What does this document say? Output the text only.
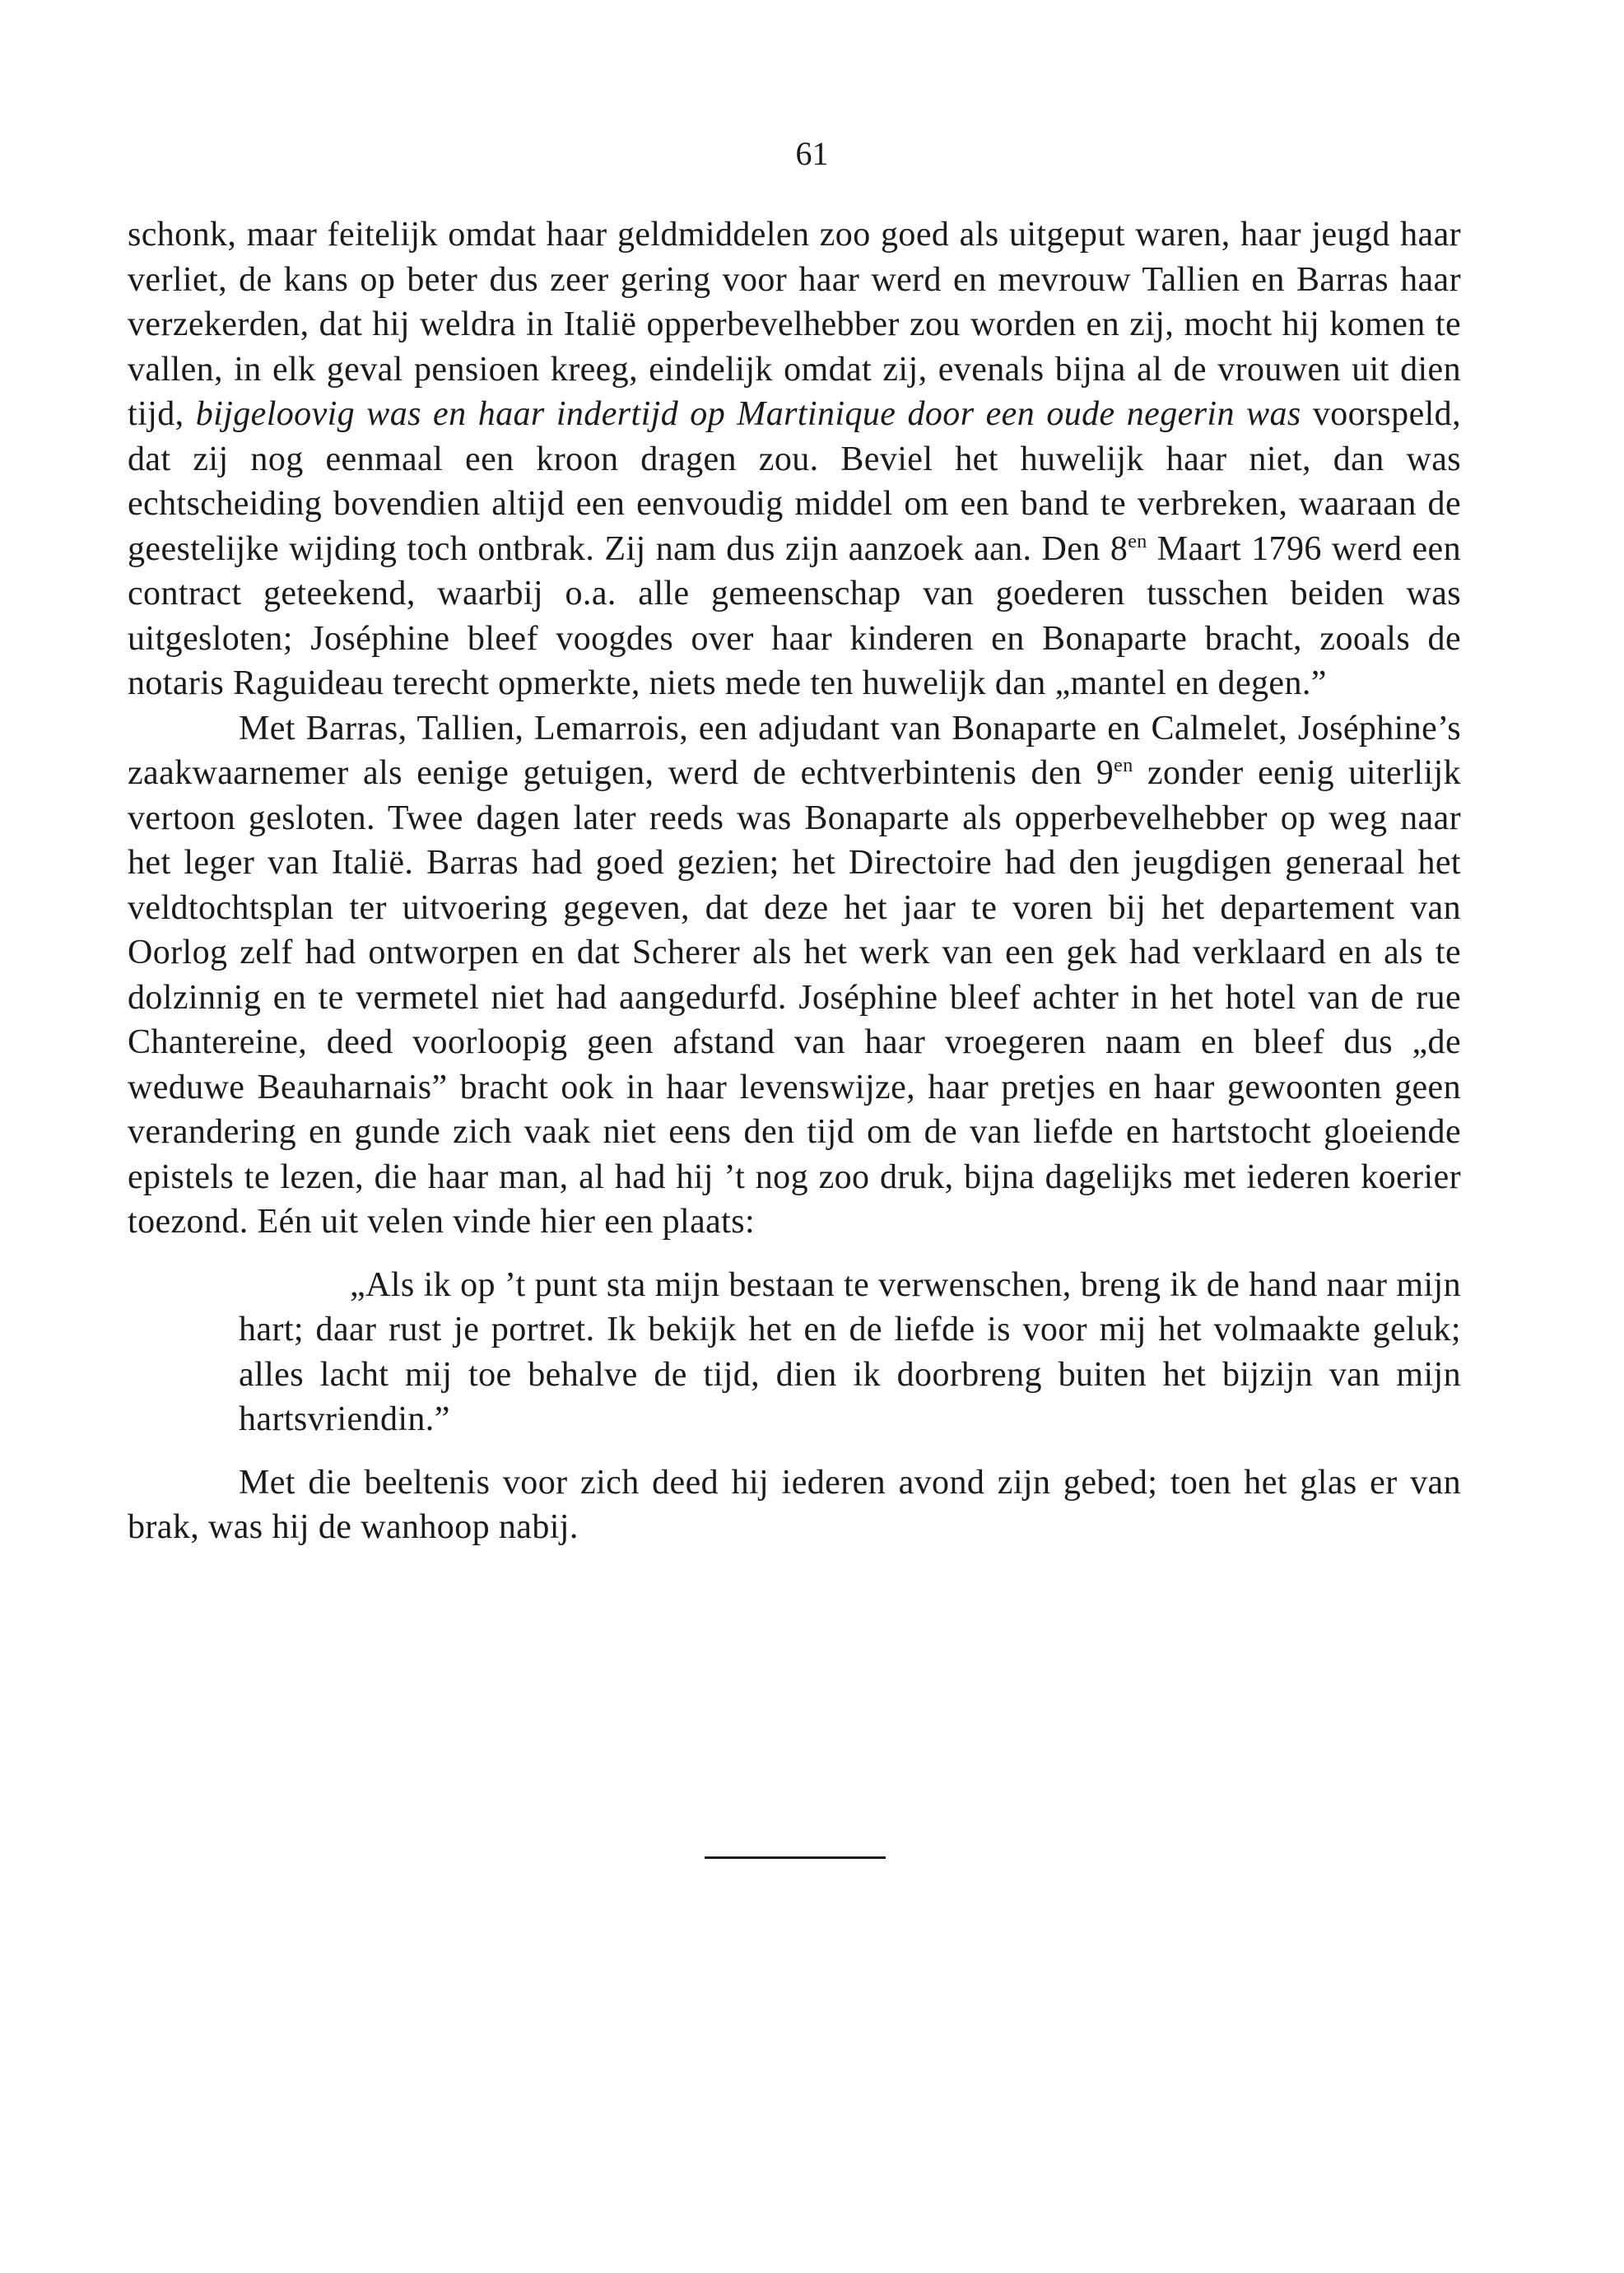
61

schonk, maar feitelijk omdat haar geldmiddelen zoo goed als uitgeput waren, haar jeugd haar verliet, de kans op beter dus zeer gering voor haar werd en mevrouw Tallien en Barras haar verzekerden, dat hij weldra in Italië opperbevelhebber zou worden en zij, mocht hij komen te vallen, in elk geval pensioen kreeg, eindelijk omdat zij, evenals bijna al de vrouwen uit dien tijd, bijgeloovig was en haar indertijd op Martinique door een oude negerin was voorspeld, dat zij nog eenmaal een kroon dragen zou. Beviel het huwelijk haar niet, dan was echtscheiding bovendien altijd een eenvoudig middel om een band te verbreken, waaraan de geestelijke wijding toch ontbrak. Zij nam dus zijn aanzoek aan. Den $8^{en}$ Maart 1796 werd een contract geteekend, waarbij o.a. alle gemeenschap van goederen tusschen beiden was uitgesloten; Joséphine bleef voogdes over haar kinderen en Bonaparte bracht, zooals de notaris Raguideau terecht opmerkte, niets mede ten huwelijk dan „mantel en degen.”

Met Barras, Tallien, Lemarrois, een adjudant van Bonaparte en Calmelet, Joséphine’s zaakwaarnemer als eenige getuigen, werd de echtverbintenis den $9^{en}$ zonder eenig uiterlijk vertoon gesloten. Twee dagen later reeds was Bonaparte als opperbevelhebber op weg naar het leger van Italië. Barras had goed gezien; het Directoire had den jeugdigen generaal het veldtochtsplan ter uitvoering gegeven, dat deze het jaar te voren bij het departement van Oorlog zelf had ontworpen en dat Scherer als het werk van een gek had verklaard en als te dolzinnig en te vermetel niet had aangedurfd. Joséphine bleef achter in het hotel van de rue Chantereine, deed voorloopig geen afstand van haar vroegeren naam en bleef dus „de weduwe Beauharnais” bracht ook in haar levenswijze, haar pretjes en haar gewoonten geen verandering en gunde zich vaak niet eens den tijd om de van liefde en hartstocht gloeiende epistels te lezen, die haar man, al had hij ’t nog zoo druk, bijna dagelijks met iederen koerier toezond. Eén uit velen vinde hier een plaats:

„Als ik op ’t punt sta mijn bestaan te verwenschen, breng ik de hand naar mijn hart; daar rust je portret. Ik bekijk het en de liefde is voor mij het volmaakte geluk; alles lacht mij toe behalve de tijd, dien ik doorbreng buiten het bijzijn van mijn hartsvriendin.”

Met die beeltenis voor zich deed hij iederen avond zijn gebed; toen het glas er van brak, was hij de wanhoop nabij.
